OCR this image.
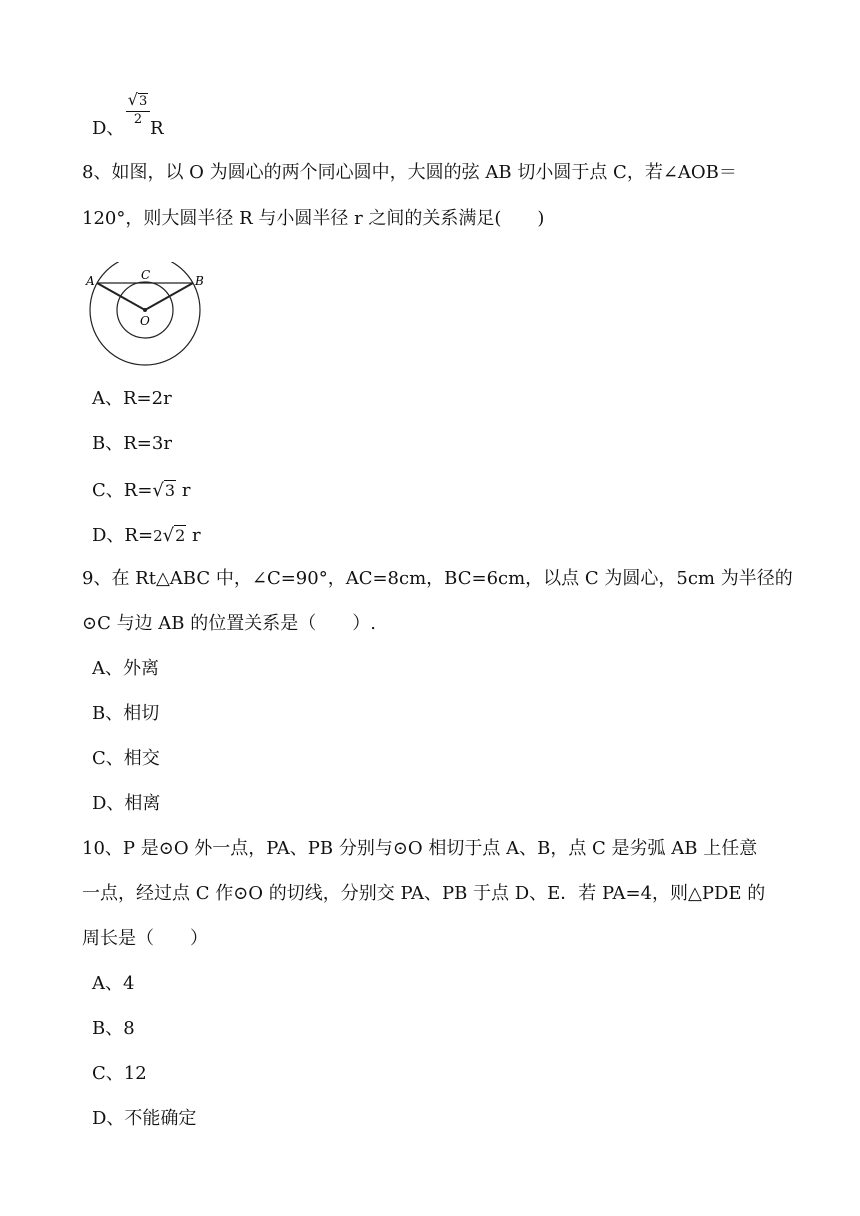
D、
√3
2 R
8、如图，以 O 为圆心的两个同心圆中，大圆的弦 AB 切小圆于点 C，若∠AOB＝
120°，则大圆半径 R 与小圆半径 r 之间的关系满足(　　)
A	B
C
O
A、R=2r
B、R=3r
C、R=√3 r
D、R=2√2 r
9、在 Rt△ABC 中，∠C=90°，AC=8cm，BC=6cm，以点 C 为圆心，5cm 为半径的
⊙C 与边 AB 的位置关系是（　　）.
A、外离
B、相切
C、相交
D、相离
10、P 是⊙O 外一点，PA、PB 分别与⊙O 相切于点 A、B，点 C 是劣弧 AB 上任意
一点，经过点 C 作⊙O 的切线，分别交 PA、PB 于点 D、E．若 PA=4，则△PDE 的
周长是（　　）
A、4
B、8
C、12
D、不能确定
